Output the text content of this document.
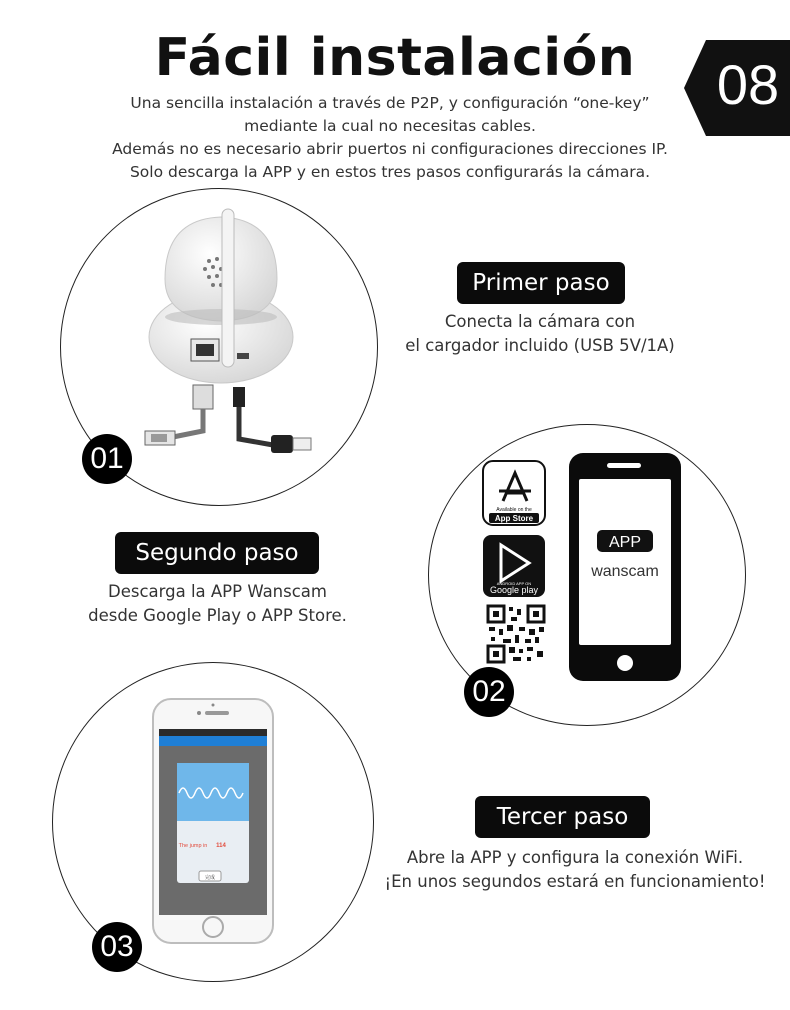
Fácil instalación
Una sencilla instalación a través de P2P, y configuración “one-key”
mediante la cual no necesitas cables.
Además no es necesario abrir puertos ni configuraciones direcciones IP.
Solo descarga la APP y en estos tres pasos configurarás la cámara.
08
01
Primer paso
Conecta la cámara con
el cargador incluido (USB 5V/1A)
Available on the
App Store
ANDROID APP ON
Google play
APP
wanscam
02
Segundo paso
Descarga la APP Wanscam
desde Google Play o APP Store.
The jump in 114
完成
03
Tercer paso
Abre la APP y configura la conexión WiFi.
¡En unos segundos estará en funcionamiento!
